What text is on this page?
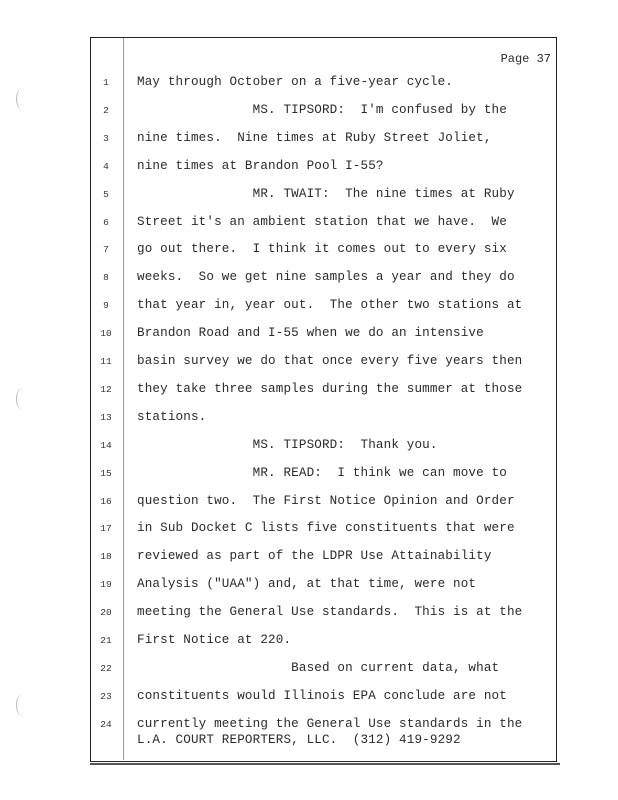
Page 37
1	May through October on a five-year cycle.
2	MS. TIPSORD:  I'm confused by the
3	nine times.  Nine times at Ruby Street Joliet,
4	nine times at Brandon Pool I-55?
5	MR. TWAIT:  The nine times at Ruby
6	Street it's an ambient station that we have.  We
7	go out there.  I think it comes out to every six
8	weeks.  So we get nine samples a year and they do
9	that year in, year out.  The other two stations at
10	Brandon Road and I-55 when we do an intensive
11	basin survey we do that once every five years then
12	they take three samples during the summer at those
13	stations.
14	MS. TIPSORD:  Thank you.
15	MR. READ:  I think we can move to
16	question two.  The First Notice Opinion and Order
17	in Sub Docket C lists five constituents that were
18	reviewed as part of the LDPR Use Attainability
19	Analysis ("UAA") and, at that time, were not
20	meeting the General Use standards.  This is at the
21	First Notice at 220.
22	Based on current data, what
23	constituents would Illinois EPA conclude are not
24	currently meeting the General Use standards in the
L.A. COURT REPORTERS, LLC.  (312) 419-9292
